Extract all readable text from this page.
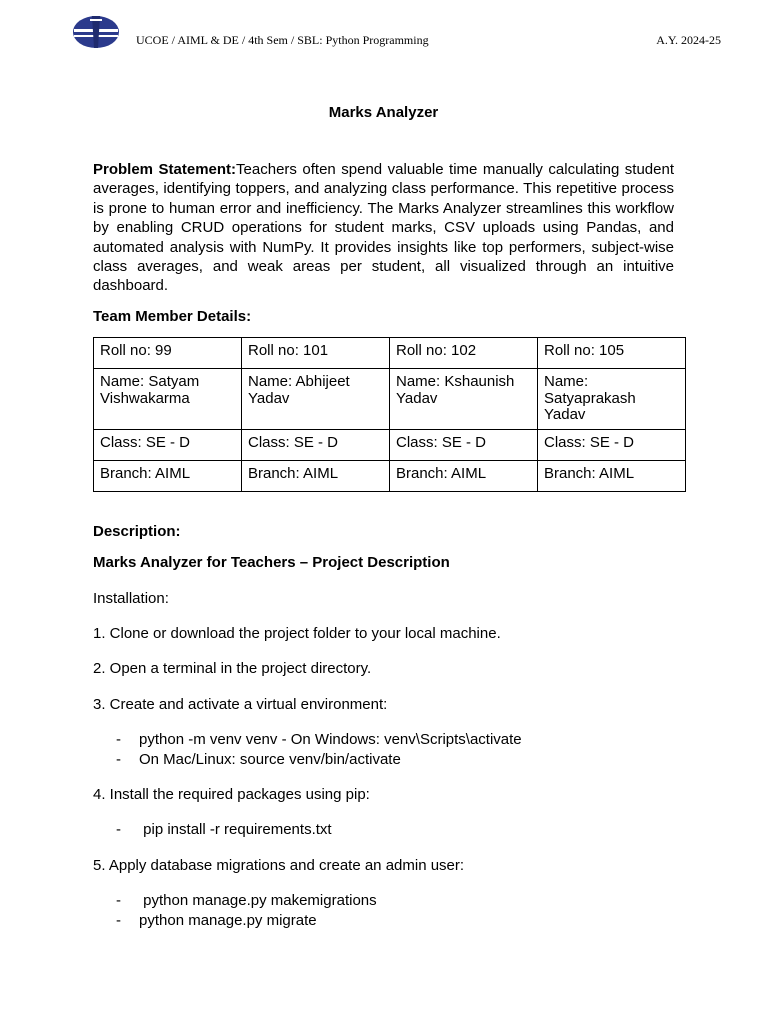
UCOE / AIML & DE / 4th Sem / SBL: Python Programming	A.Y. 2024-25
Marks Analyzer

Problem Statement:Teachers often spend valuable time manually calculating student averages, identifying toppers, and analyzing class performance. This repetitive process is prone to human error and inefficiency. The Marks Analyzer streamlines this workflow by enabling CRUD operations for student marks, CSV uploads using Pandas, and automated analysis with NumPy. It provides insights like top performers, subject-wise class averages, and weak areas per student, all visualized through an intuitive dashboard.

Team Member Details:
Roll no: 99	Roll no: 101	Roll no: 102	Roll no: 105
Name: Satyam Vishwakarma	Name: Abhijeet Yadav	Name: Kshaunish Yadav	Name: Satyaprakash Yadav
Class: SE - D	Class: SE - D	Class: SE - D	Class: SE - D
Branch: AIML	Branch: AIML	Branch: AIML	Branch: AIML
Description:
Marks Analyzer for Teachers – Project Description
Installation:
1. Clone or download the project folder to your local machine.
2. Open a terminal in the project directory.
3. Create and activate a virtual environment:
- python -m venv venv - On Windows: venv\Scripts\activate
- On Mac/Linux: source venv/bin/activate
4. Install the required packages using pip:
- pip install -r requirements.txt
5. Apply database migrations and create an admin user:
- python manage.py makemigrations
- python manage.py migrate
